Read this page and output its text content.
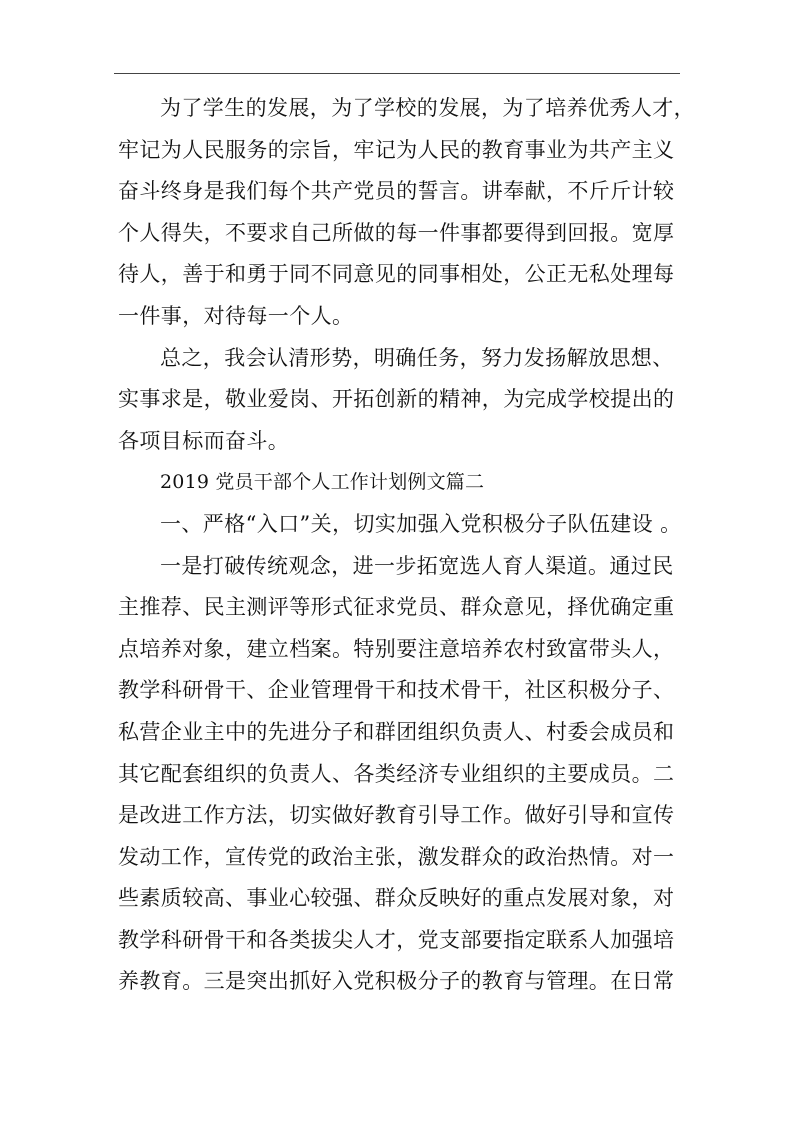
为了学生的发展，为了学校的发展，为了培养优秀人才，
牢记为人民服务的宗旨，牢记为人民的教育事业为共产主义
奋斗终身是我们每个共产党员的誓言。讲奉献，不斤斤计较
个人得失，不要求自己所做的每一件事都要得到回报。宽厚
待人，善于和勇于同不同意见的同事相处，公正无私处理每
一件事，对待每一个人。
总之，我会认清形势，明确任务，努力发扬解放思想、
实事求是，敬业爱岗、开拓创新的精神，为完成学校提出的
各项目标而奋斗。
2019 党员干部个人工作计划例文篇二
一、严格“入口”关，切实加强入党积极分子队伍建设 。
一是打破传统观念，进一步拓宽选人育人渠道。通过民
主推荐、民主测评等形式征求党员、群众意见，择优确定重
点培养对象，建立档案。特别要注意培养农村致富带头人，
教学科研骨干、企业管理骨干和技术骨干，社区积极分子、
私营企业主中的先进分子和群团组织负责人、村委会成员和
其它配套组织的负责人、各类经济专业组织的主要成员。二
是改进工作方法，切实做好教育引导工作。做好引导和宣传
发动工作，宣传党的政治主张，激发群众的政治热情。对一
些素质较高、事业心较强、群众反映好的重点发展对象，对
教学科研骨干和各类拔尖人才，党支部要指定联系人加强培
养教育。三是突出抓好入党积极分子的教育与管理。在日常
